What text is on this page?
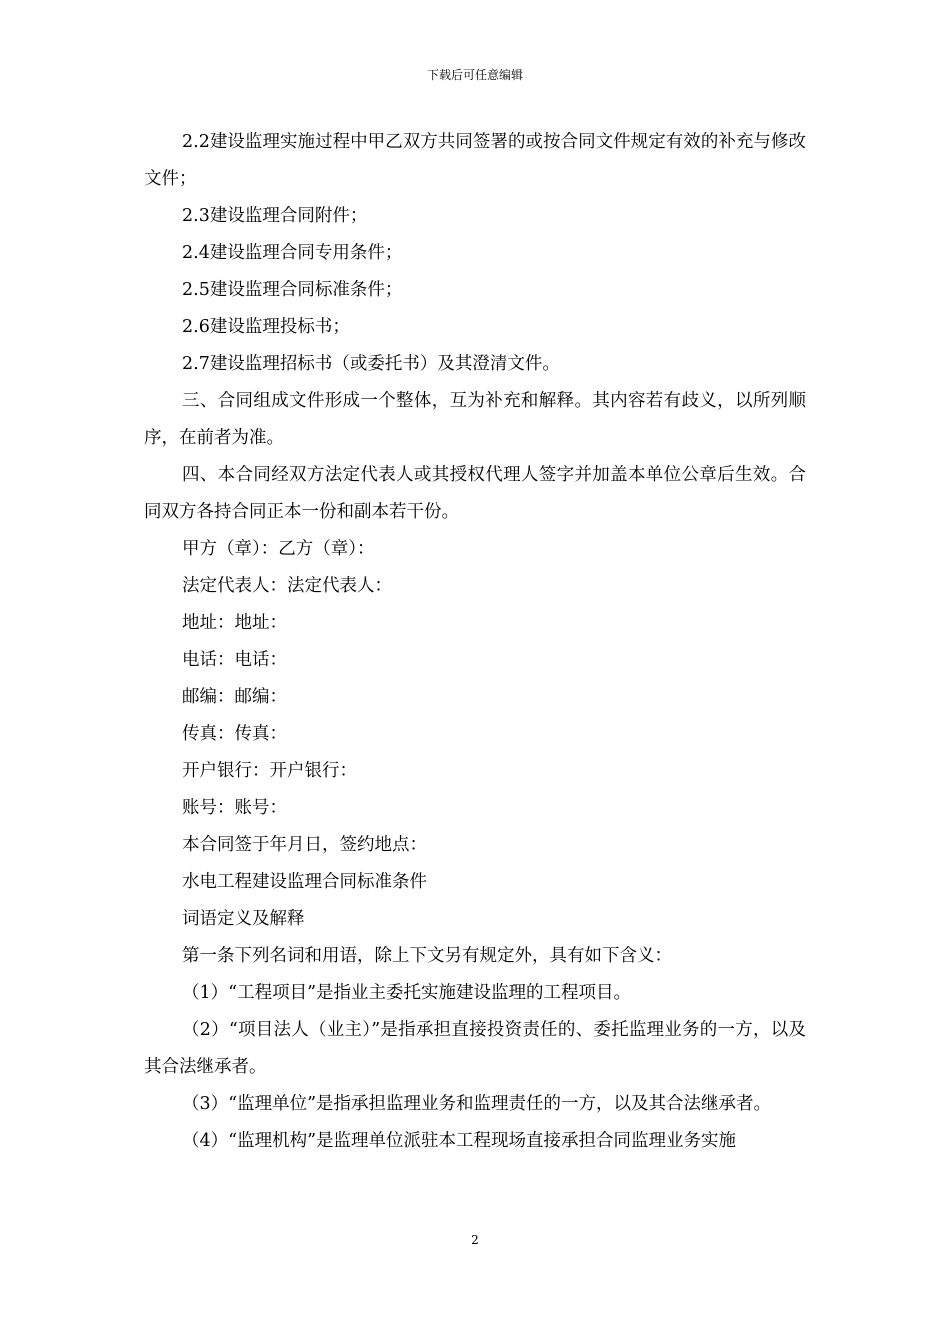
下载后可任意编辑

2.2建设监理实施过程中甲乙双方共同签署的或按合同文件规定有效的补充与修改文件；

2.3建设监理合同附件；

2.4建设监理合同专用条件；

2.5建设监理合同标准条件；

2.6建设监理投标书；

2.7建设监理招标书（或委托书）及其澄清文件。

三、合同组成文件形成一个整体，互为补充和解释。其内容若有歧义，以所列顺序，在前者为准。

四、本合同经双方法定代表人或其授权代理人签字并加盖本单位公章后生效。合同双方各持合同正本一份和副本若干份。

甲方（章）：乙方（章）：

法定代表人：法定代表人：

地址：地址：

电话：电话：

邮编：邮编：

传真：传真：

开户银行：开户银行：

账号：账号：

本合同签于年月日，签约地点：

水电工程建设监理合同标准条件

词语定义及解释

第一条下列名词和用语，除上下文另有规定外，具有如下含义：

（1）“工程项目”是指业主委托实施建设监理的工程项目。

（2）“项目法人（业主）”是指承担直接投资责任的、委托监理业务的一方，以及其合法继承者。

（3）“监理单位”是指承担监理业务和监理责任的一方，以及其合法继承者。

（4）“监理机构”是监理单位派驻本工程现场直接承担合同监理业务实施

2
